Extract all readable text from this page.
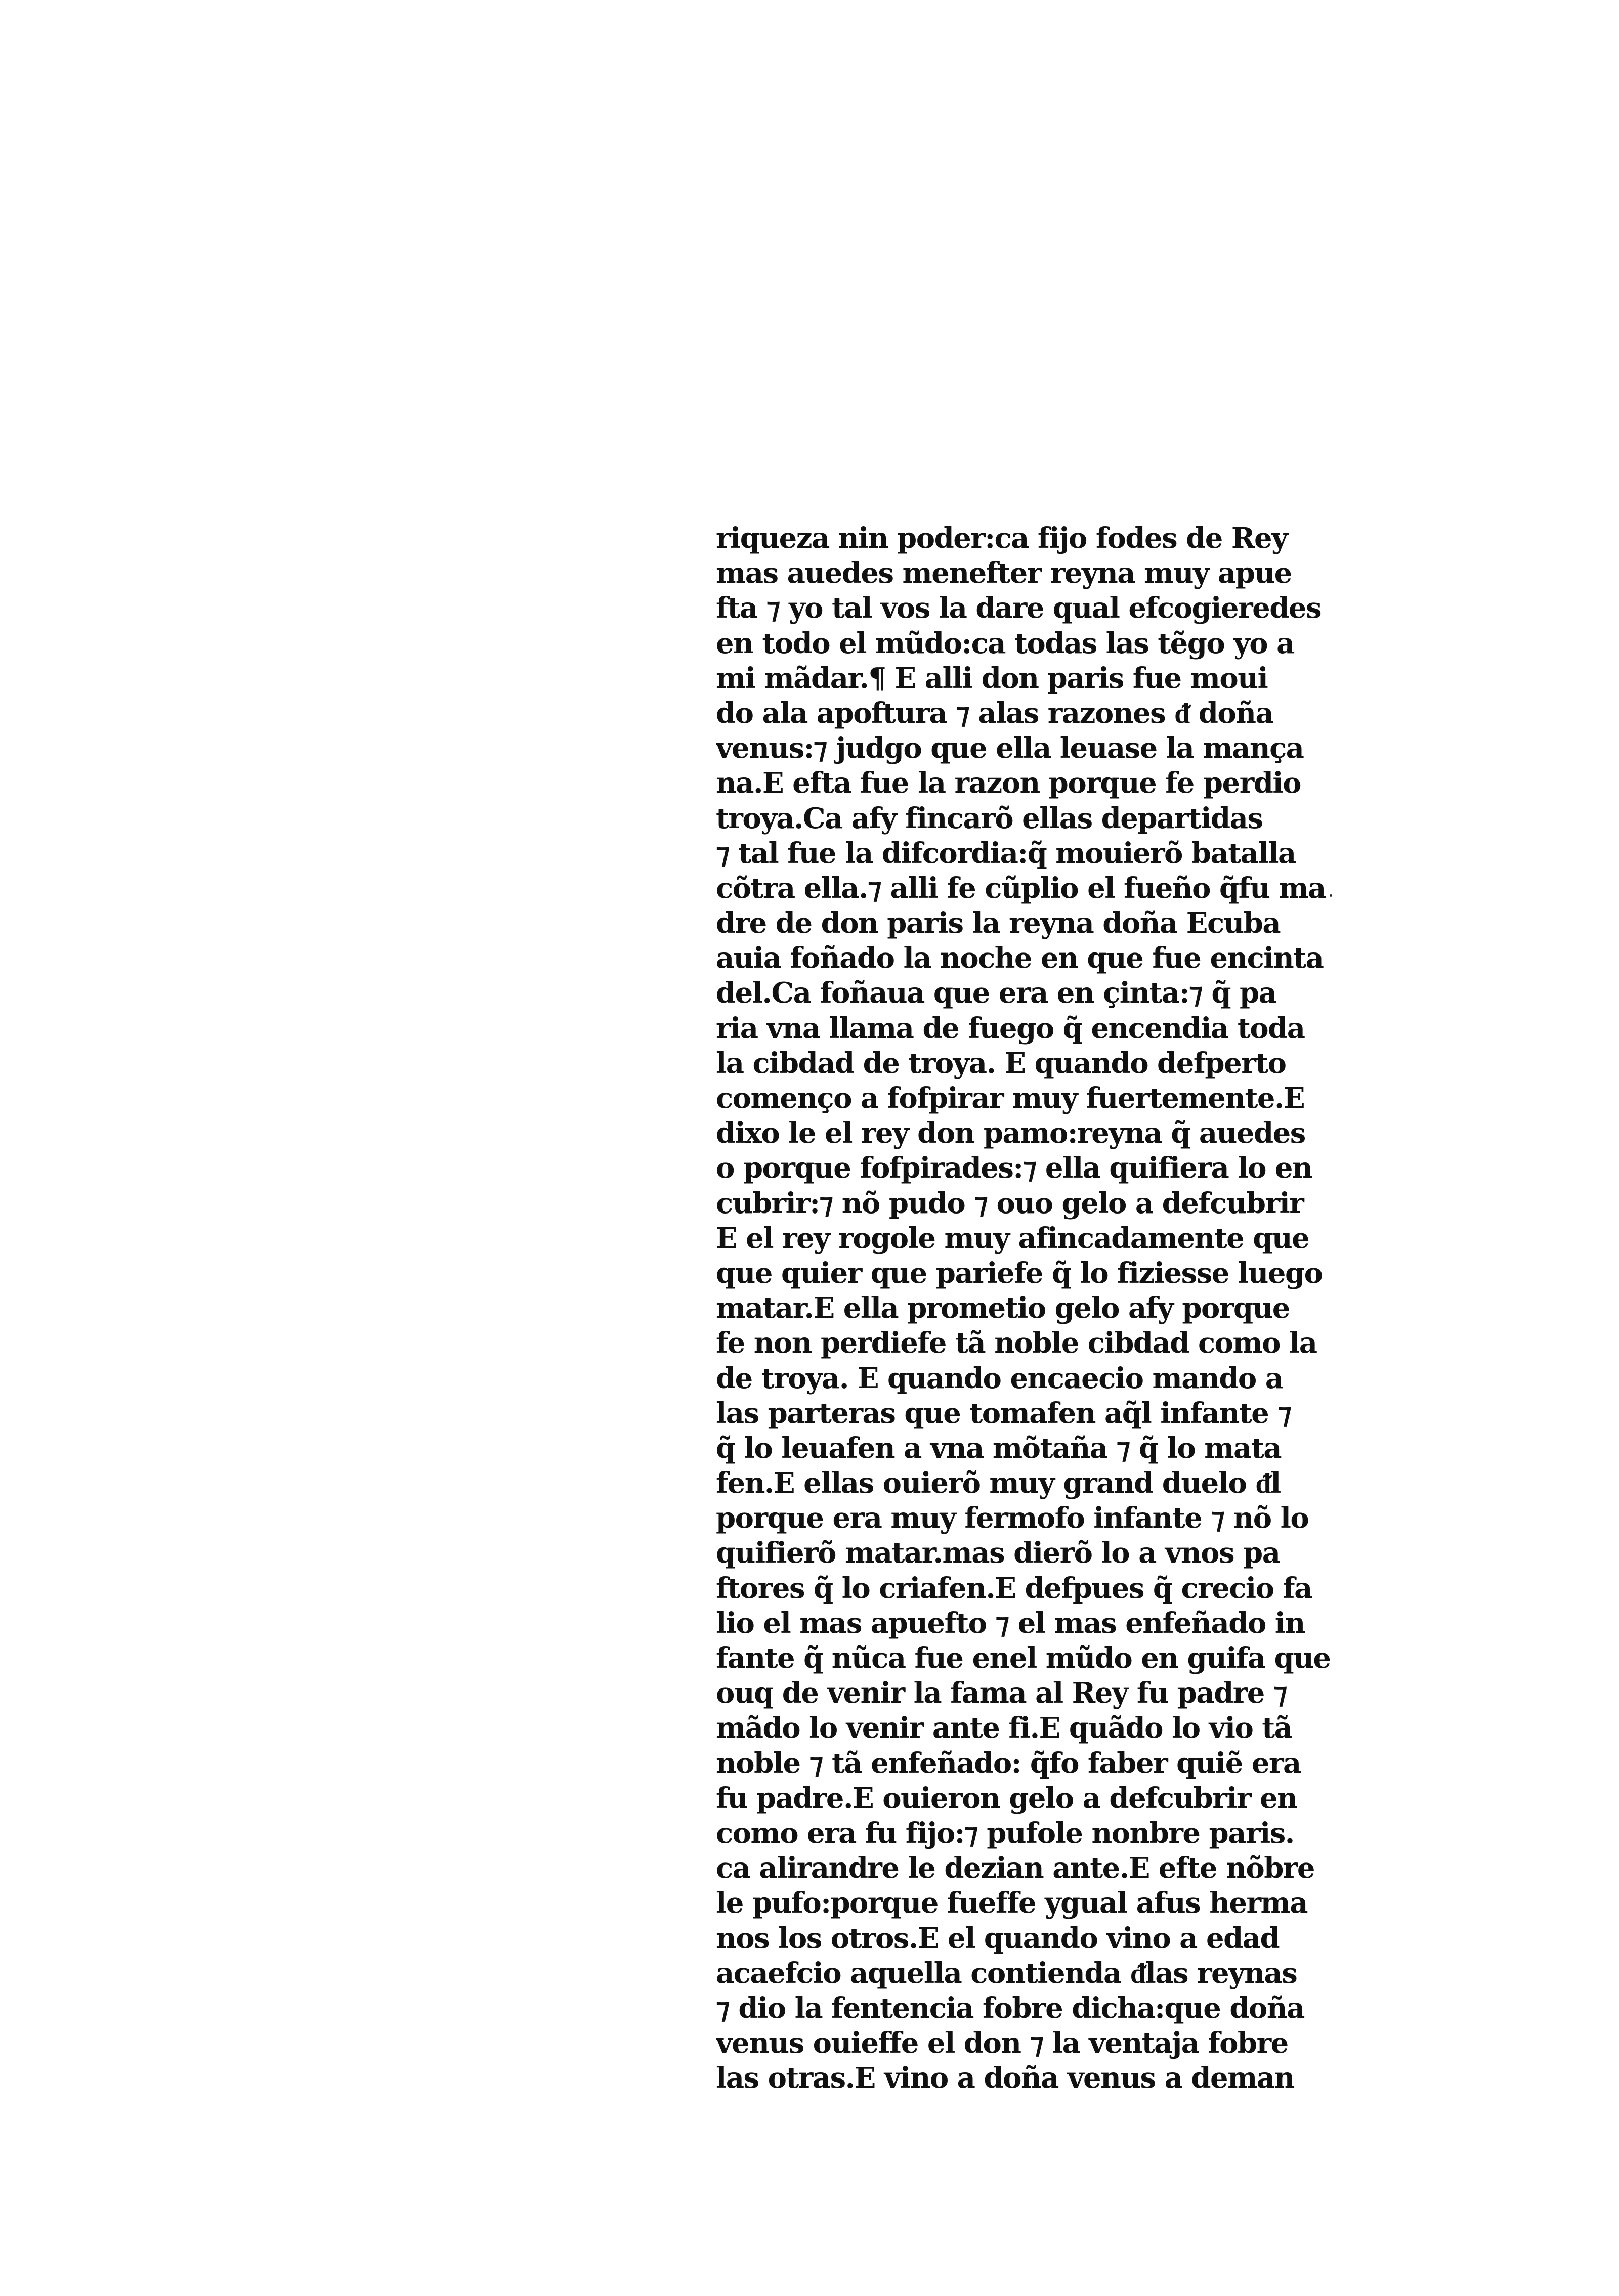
riqueza nin poder:ca fijo fodes de Rey
mas auedes menefter reyna muy apue
fta ⁊ yo tal vos la dare qual efcogieredes
en todo el mũdo:ca todas las tẽgo yo a
mi mãdar.¶ E alli don paris fue moui
do ala apoftura ⁊ alas razones ᵭ doña
venus:⁊ judgo que ella leuase la mança
na.E efta fue la razon porque fe perdio
troya.Ca afy fincarõ ellas departidas
⁊ tal fue la difcordia:q̃ mouierõ batalla
cõtra ella.⁊ alli fe cũplio el fueño q̃fu ma
dre de don paris la reyna doña Ecuba
auia foñado la noche en que fue encinta
del.Ca foñaua que era en çinta:⁊ q̃ pa
ria vna llama de fuego q̃ encendia toda
la cibdad de troya. E quando defperto
començo a fofpirar muy fuertemente.E
dixo le el rey don pamo:reyna q̃ auedes
o porque fofpirades:⁊ ella quifiera lo en
cubrir:⁊ nõ pudo ⁊ ouo gelo a defcubrir
E el rey rogole muy afincadamente que
que quier que pariefe q̃ lo fiziesse luego
matar.E ella prometio gelo afy porque
fe non perdiefe tã noble cibdad como la
de troya. E quando encaecio mando a
las parteras que tomafen aq̃l infante ⁊
q̃ lo leuafen a vna mõtaña ⁊ q̃ lo mata
fen.E ellas ouierõ muy grand duelo ᵭl
porque era muy fermofo infante ⁊ nõ lo
quifierõ matar.mas dierõ lo a vnos pa
ftores q̃ lo criafen.E defpues q̃ crecio fa
lio el mas apuefto ⁊ el mas enfeñado in
fante q̃ nũca fue enel mũdo en guifa que
ouq de venir la fama al Rey fu padre ⁊
mãdo lo venir ante fi.E quãdo lo vio tã
noble ⁊ tã enfeñado: q̃fo faber quiẽ era
fu padre.E ouieron gelo a defcubrir en
como era fu fijo:⁊ pufole nonbre paris.
ca alirandre le dezian ante.E efte nõbre
le pufo:porque fueffe ygual afus herma
nos los otros.E el quando vino a edad
acaefcio aquella contienda ᵭlas reynas
⁊ dio la fentencia fobre dicha:que doña
venus ouieffe el don ⁊ la ventaja fobre
las otras.E vino a doña venus a deman
